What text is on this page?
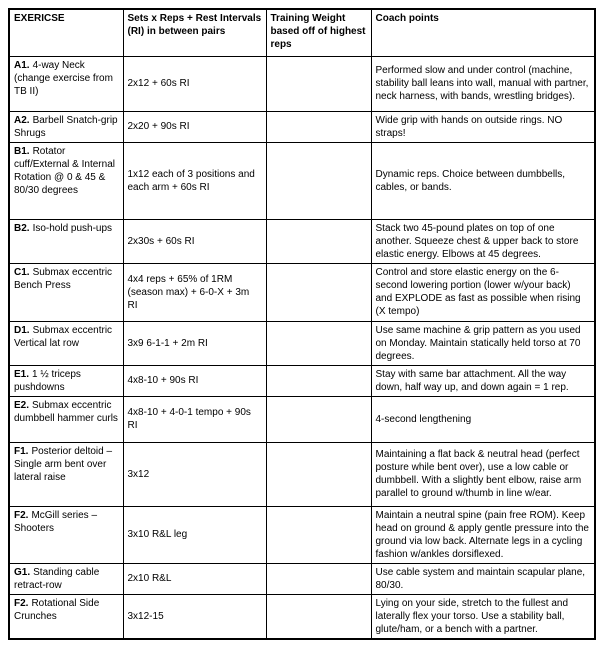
EXERICSE	Sets x Reps + Rest Intervals (RI) in between pairs	Training Weight based off of highest reps	Coach points
A1. 4-way Neck (change exercise from TB II)	2x12 + 60s RI		Performed slow and under control (machine, stability ball leans into wall, manual with partner, neck harness, with bands, wrestling bridges).
A2. Barbell Snatch-grip Shrugs	2x20 + 90s RI		Wide grip with hands on outside rings. NO straps!
B1. Rotator cuff/External & Internal Rotation @ 0 & 45 & 80/30 degrees	1x12 each of 3 positions and each arm + 60s RI		Dynamic reps. Choice between dumbbells, cables, or bands.
B2. Iso-hold push-ups	2x30s + 60s RI		Stack two 45-pound plates on top of one another. Squeeze chest & upper back to store elastic energy. Elbows at 45 degrees.
C1. Submax eccentric Bench Press	4x4 reps + 65% of 1RM (season max) + 6-0-X + 3m RI		Control and store elastic energy on the 6-second lowering portion (lower w/your back) and EXPLODE as fast as possible when rising (X tempo)
D1. Submax eccentric Vertical lat row	3x9 6-1-1 + 2m RI		Use same machine & grip pattern as you used on Monday. Maintain statically held torso at 70 degrees.
E1. 1 ½ triceps pushdowns	4x8-10 + 90s RI		Stay with same bar attachment. All the way down, half way up, and down again = 1 rep.
E2. Submax eccentric dumbbell hammer curls	4x8-10 + 4-0-1 tempo + 90s RI		4-second lengthening
F1. Posterior deltoid – Single arm bent over lateral raise	3x12		Maintaining a flat back & neutral head (perfect posture while bent over), use a low cable or dumbbell. With a slightly bent elbow, raise arm parallel to ground w/thumb in line w/ear.
F2. McGill series – Shooters	3x10 R&L leg		Maintain a neutral spine (pain free ROM). Keep head on ground & apply gentle pressure into the ground via low back. Alternate legs in a cycling fashion w/ankles dorsiflexed.
G1. Standing cable retract-row	2x10 R&L		Use cable system and maintain scapular plane, 80/30.
F2. Rotational Side Crunches	3x12-15		Lying on your side, stretch to the fullest and laterally flex your torso. Use a stability ball, glute/ham, or a bench with a partner.
